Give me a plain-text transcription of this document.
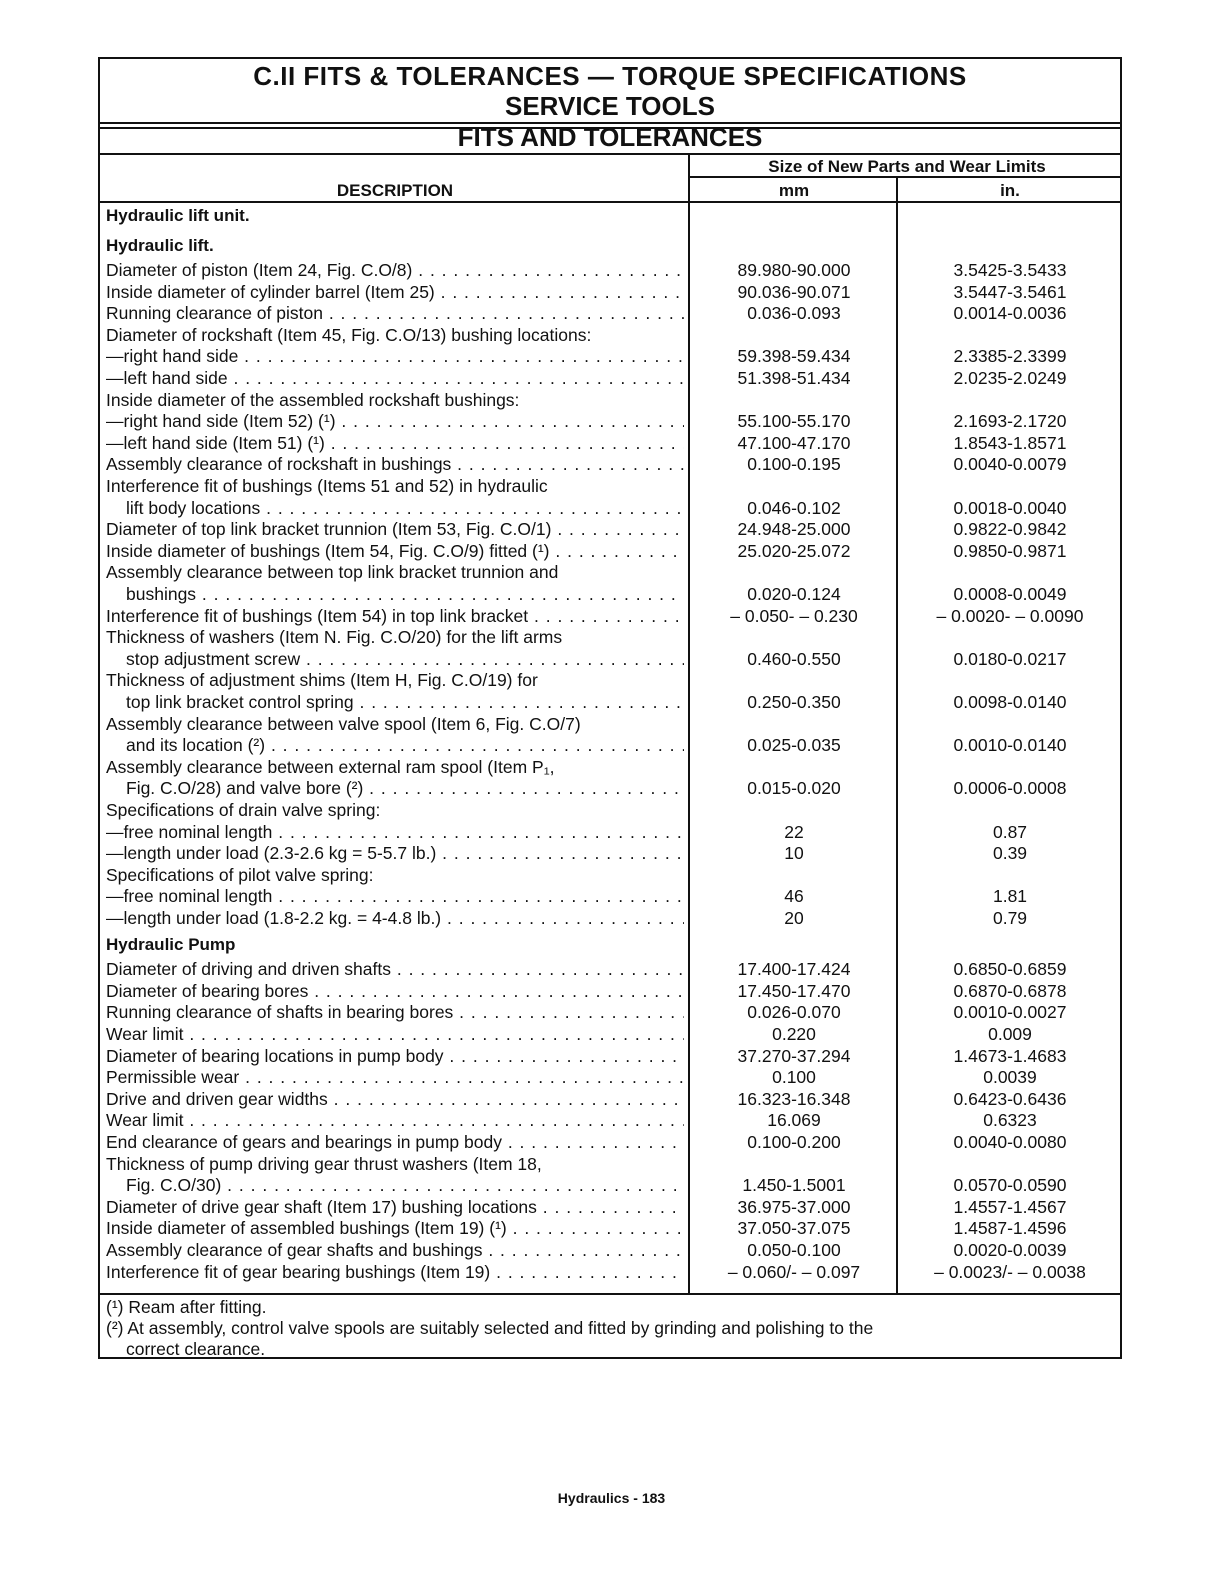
C.II FITS & TOLERANCES — TORQUE SPECIFICATIONS
SERVICE TOOLS
FITS AND TOLERANCES
Size of New Parts and Wear Limits
DESCRIPTION	mm	in.
Hydraulic lift unit.
Hydraulic lift.
Diameter of piston (Item 24, Fig. C.O/8) . . .	89.980-90.000	3.5425-3.5433
Inside diameter of cylinder barrel (Item 25) . . .	90.036-90.071	3.5447-3.5461
Running clearance of piston . . .	0.036-0.093	0.0014-0.0036
Diameter of rockshaft (Item 45, Fig. C.O/13) bushing locations:
—right hand side . . .	59.398-59.434	2.3385-2.3399
—left hand side . . .	51.398-51.434	2.0235-2.0249
Inside diameter of the assembled rockshaft bushings:
—right hand side (Item 52) (¹) . . .	55.100-55.170	2.1693-2.1720
—left hand side (Item 51) (¹) . . .	47.100-47.170	1.8543-1.8571
Assembly clearance of rockshaft in bushings . . .	0.100-0.195	0.0040-0.0079
Interference fit of bushings (Items 51 and 52) in hydraulic
lift body locations . . .	0.046-0.102	0.0018-0.0040
Diameter of top link bracket trunnion (Item 53, Fig. C.O/1) . . .	24.948-25.000	0.9822-0.9842
Inside diameter of bushings (Item 54, Fig. C.O/9) fitted (¹) . . .	25.020-25.072	0.9850-0.9871
Assembly clearance between top link bracket trunnion and
bushings . . .	0.020-0.124	0.0008-0.0049
Interference fit of bushings (Item 54) in top link bracket . . .	– 0.050- – 0.230	– 0.0020- – 0.0090
Thickness of washers (Item N. Fig. C.O/20) for the lift arms
stop adjustment screw . . .	0.460-0.550	0.0180-0.0217
Thickness of adjustment shims (Item H, Fig. C.O/19) for
top link bracket control spring . . .	0.250-0.350	0.0098-0.0140
Assembly clearance between valve spool (Item 6, Fig. C.O/7)
and its location (²) . . .	0.025-0.035	0.0010-0.0140
Assembly clearance between external ram spool (Item P₁,
Fig. C.O/28) and valve bore (²) . . .	0.015-0.020	0.0006-0.0008
Specifications of drain valve spring:
—free nominal length . . .	22	0.87
—length under load (2.3-2.6 kg = 5-5.7 lb.) . . .	10	0.39
Specifications of pilot valve spring:
—free nominal length . . .	46	1.81
—length under load (1.8-2.2 kg. = 4-4.8 lb.) . . .	20	0.79
Hydraulic Pump
Diameter of driving and driven shafts . . .	17.400-17.424	0.6850-0.6859
Diameter of bearing bores . . .	17.450-17.470	0.6870-0.6878
Running clearance of shafts in bearing bores . . .	0.026-0.070	0.0010-0.0027
Wear limit . . .	0.220	0.009
Diameter of bearing locations in pump body . . .	37.270-37.294	1.4673-1.4683
Permissible wear . . .	0.100	0.0039
Drive and driven gear widths . . .	16.323-16.348	0.6423-0.6436
Wear limit . . .	16.069	0.6323
End clearance of gears and bearings in pump body . . .	0.100-0.200	0.0040-0.0080
Thickness of pump driving gear thrust washers (Item 18,
Fig. C.O/30) . . .	1.450-1.5001	0.0570-0.0590
Diameter of drive gear shaft (Item 17) bushing locations . . .	36.975-37.000	1.4557-1.4567
Inside diameter of assembled bushings (Item 19) (¹) . . .	37.050-37.075	1.4587-1.4596
Assembly clearance of gear shafts and bushings . . .	0.050-0.100	0.0020-0.0039
Interference fit of gear bearing bushings (Item 19) . . .	– 0.060/- – 0.097	– 0.0023/- – 0.0038
(¹) Ream after fitting.
(²) At assembly, control valve spools are suitably selected and fitted by grinding and polishing to the
correct clearance.
Hydraulics - 183
